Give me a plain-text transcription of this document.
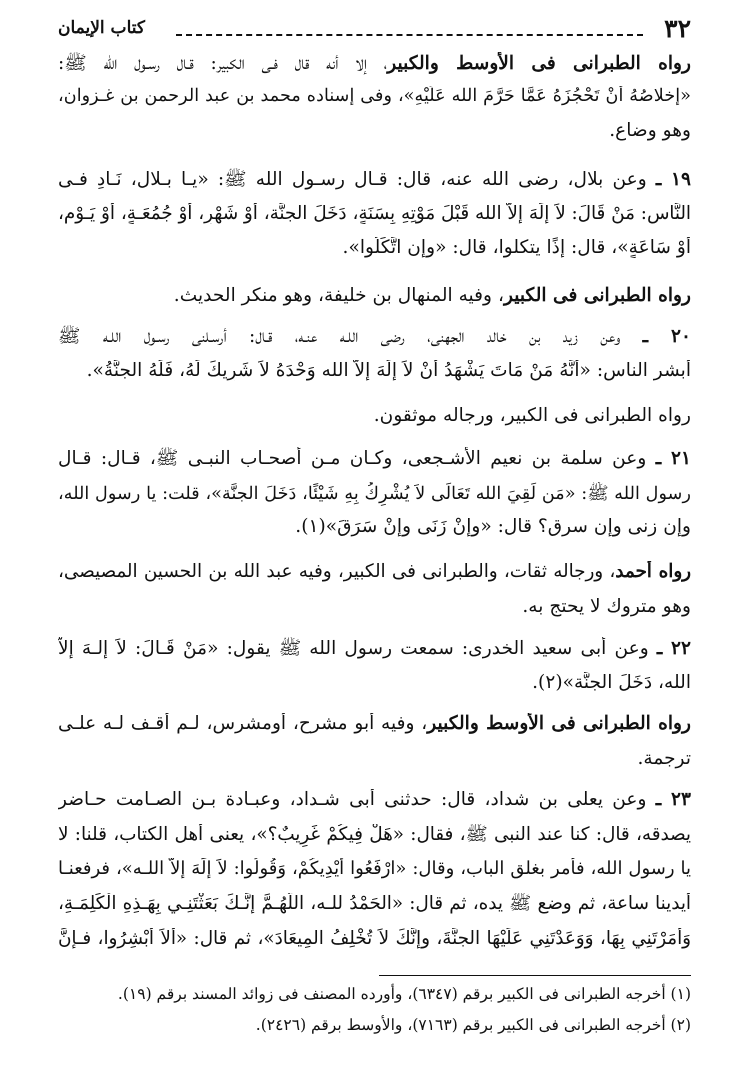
٣٢
كتاب الإيمان
رواه الطبرانى فى الأوسط والكبير، إلا أنه قال فـى الكبير: قـال رسـول الله ﷺ:
«إخلاصُهُ أنْ تَحْجُزَهُ عَمَّا حَرَّمَ الله عَلَيْهِ»، وفى إسناده محمد بن عبد الرحمن بن غـزوان،
وهو وضاع.
١٩ ـ وعن بلال، رضى الله عنه، قال: قـال رسـول الله ﷺ: «يـا بـلال، نَـادِ فـى
النَّاس: مَنْ قَالَ: لاَ إلَهَ إلاّ الله قَبْلَ مَوْتِهِ بِسَنَةٍ، دَخَلَ الجنَّة، أَوْ شَهْرٍ، أَوْ جُمُعَـةٍ، أَوْ يَـوْمٍ،
أَوْ سَاعَةٍ»، قال: إذًا يتكلوا، قال: «وإن اتَّكَلُوا».
رواه الطبرانى فى الكبير، وفيه المنهال بن خليفة، وهو منكر الحديث.
٢٠ ـ وعن زيد بن خالد الجهنى، رضى اللـه عنـه، قـال: أرسـلنى رسـول اللـه ﷺ
أبشر الناس: «أَنَّهُ مَنْ مَاتَ يَشْهَدُ أَنْ لاَ إلَهَ إلاَّ الله وَحْدَهُ لاَ شَرِيكَ لَهُ، فَلَهُ الجنَّةُ».
رواه الطبرانى فى الكبير، ورجاله موثقون.
٢١ ـ وعن سلمة بن نعيم الأشـجعى، وكـان مـن أصحـاب النبـى ﷺ، قـال: قـال
رسول الله ﷺ: «مَن لَقِيَ الله تَعَالَى لاَ يُشْرِكُ بِهِ شَيْئًا، دَخَلَ الجنَّة»، قلت: يا رسول الله،
وإن زنى وإن سرق؟ قال: «وإنْ زَنَى وإنْ سَرَقَ»(١).
رواه أحمد، ورجاله ثقات، والطبرانى فى الكبير، وفيه عبد الله بن الحسين المصيصى،
وهو متروك لا يحتج به.
٢٢ ـ وعن أبى سعيد الخدرى: سمعت رسول الله ﷺ يقول: «مَنْ قَـالَ: لاَ إلـهَ إلاَّ
الله، دَخَلَ الجنَّة»(٢).
رواه الطبرانى فى الأوسط والكبير، وفيه أبو مشرح، أومشرس، لـم أقـف لـه علـى
ترجمة.
٢٣ ـ وعن يعلى بن شداد، قال: حدثنى أبى شـداد، وعبـادة بـن الصـامت حـاضر
يصدقه، قال: كنا عند النبى ﷺ، فقال: «هَلْ فِيكُمْ غَرِيبٌ؟»، يعنى أهل الكتاب، قلنا: لا
يا رسول الله، فأمر بغلق الباب، وقال: «ارْفَعُوا أَيْدِيكُمْ، وَقُولُوا: لاَ إلَهَ إلاَّ اللـه»، فرفعنـا
أيدينا ساعة، ثم وضع ﷺ يده، ثم قال: «الحَمْدُ للـه، اللَّهُـمَّ إنَّـكَ بَعَثْتَنِـي بِهَـذِهِ الْكَلِمَـةِ،
وَأَمَرْتَنِي بِهَا، وَوَعَدْتَنِي عَلَيْهَا الجنَّةَ، وإنَّكَ لاَ تُخْلِفُ المِيعَادَ»، ثم قال: «ألاَ أَبْشِرُوا، فـإنَّ
(١) أخرجه الطبرانى فى الكبير برقم (٦٣٤٧)، وأورده المصنف فى زوائد المسند برقم (١٩).
(٢) أخرجه الطبرانى فى الكبير برقم (٧١٦٣)، والأوسط برقم (٢٤٢٦).
